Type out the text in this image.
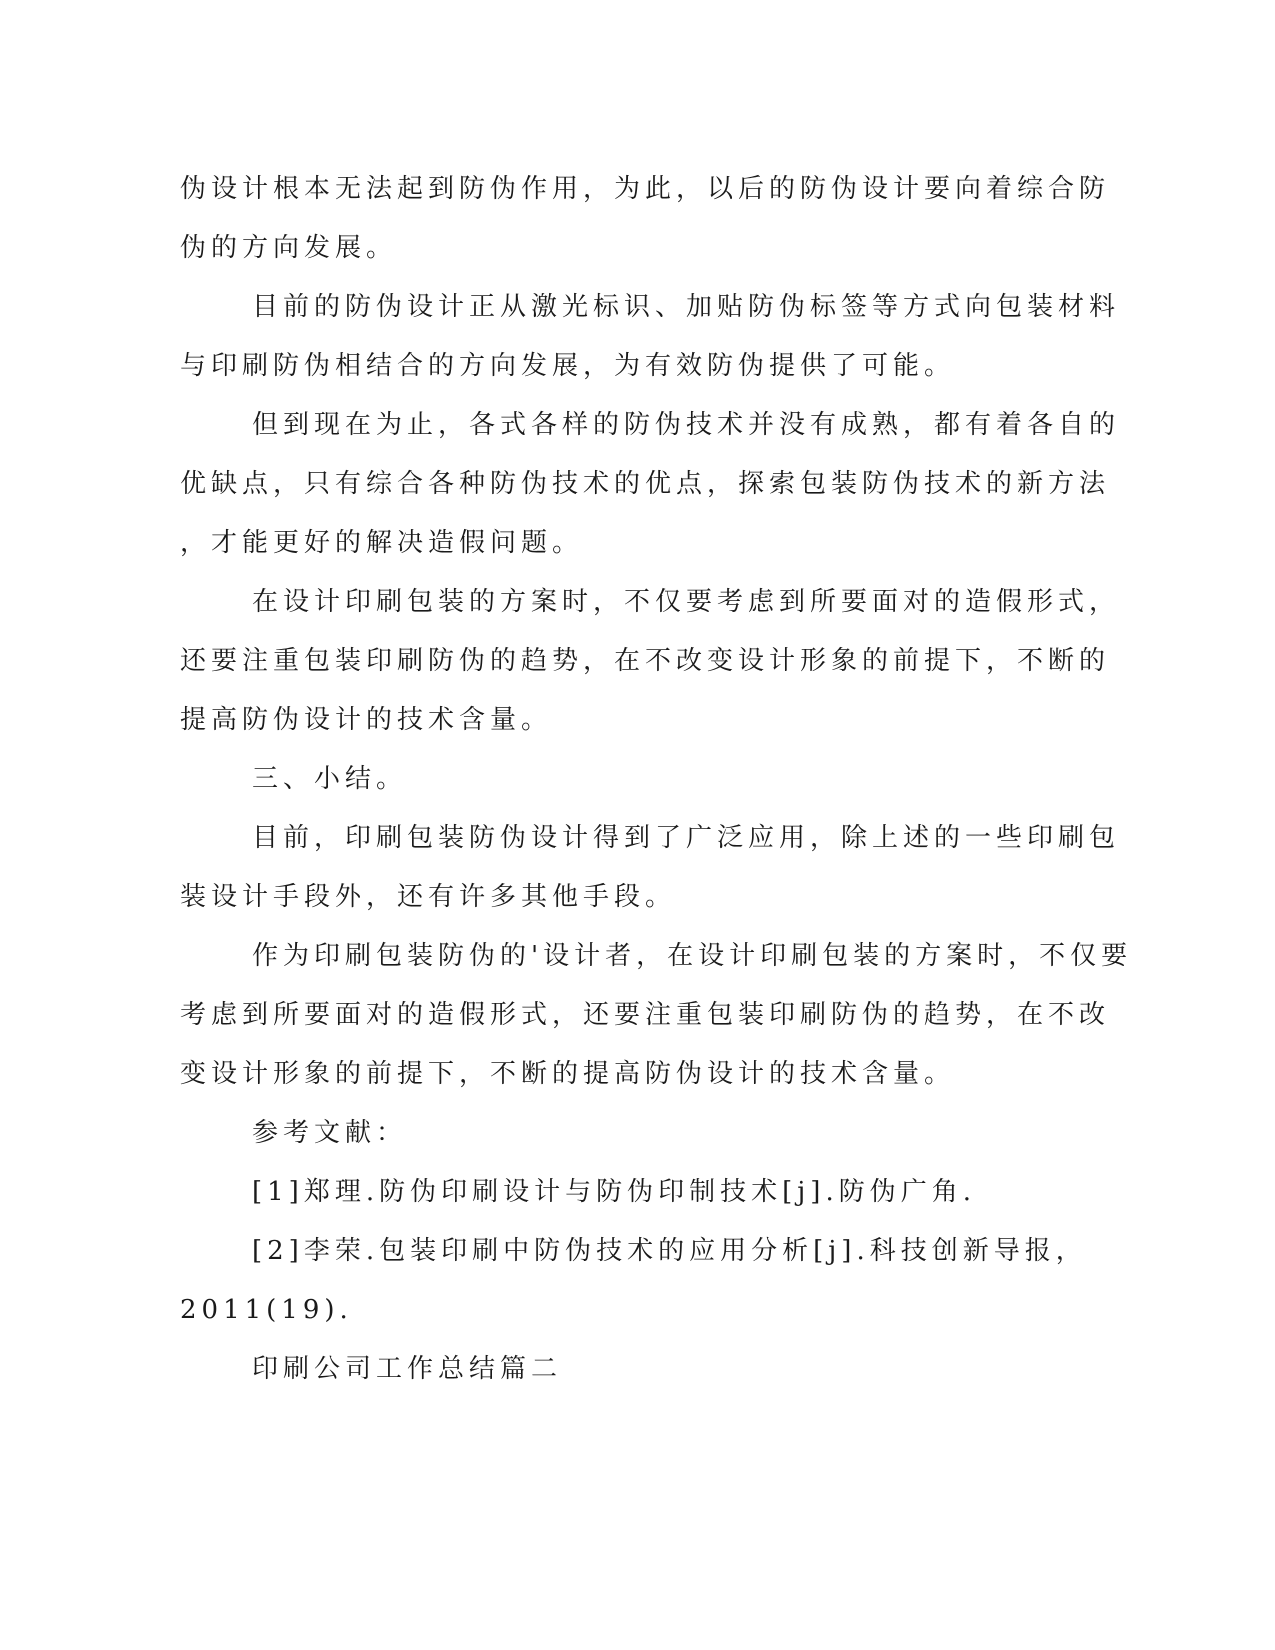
伪设计根本无法起到防伪作用，为此，以后的防伪设计要向着综合防
伪的方向发展。
目前的防伪设计正从激光标识、加贴防伪标签等方式向包装材料
与印刷防伪相结合的方向发展，为有效防伪提供了可能。
但到现在为止，各式各样的防伪技术并没有成熟，都有着各自的
优缺点，只有综合各种防伪技术的优点，探索包装防伪技术的新方法
，才能更好的解决造假问题。
在设计印刷包装的方案时，不仅要考虑到所要面对的造假形式，
还要注重包装印刷防伪的趋势，在不改变设计形象的前提下，不断的
提高防伪设计的技术含量。
三、小结。
目前，印刷包装防伪设计得到了广泛应用，除上述的一些印刷包
装设计手段外，还有许多其他手段。
作为印刷包装防伪的'设计者，在设计印刷包装的方案时，不仅要
考虑到所要面对的造假形式，还要注重包装印刷防伪的趋势，在不改
变设计形象的前提下，不断的提高防伪设计的技术含量。
参考文献：
[1]郑理.防伪印刷设计与防伪印制技术[j].防伪广角.
[2]李荣.包装印刷中防伪技术的应用分析[j].科技创新导报，
2011(19).
印刷公司工作总结篇二
